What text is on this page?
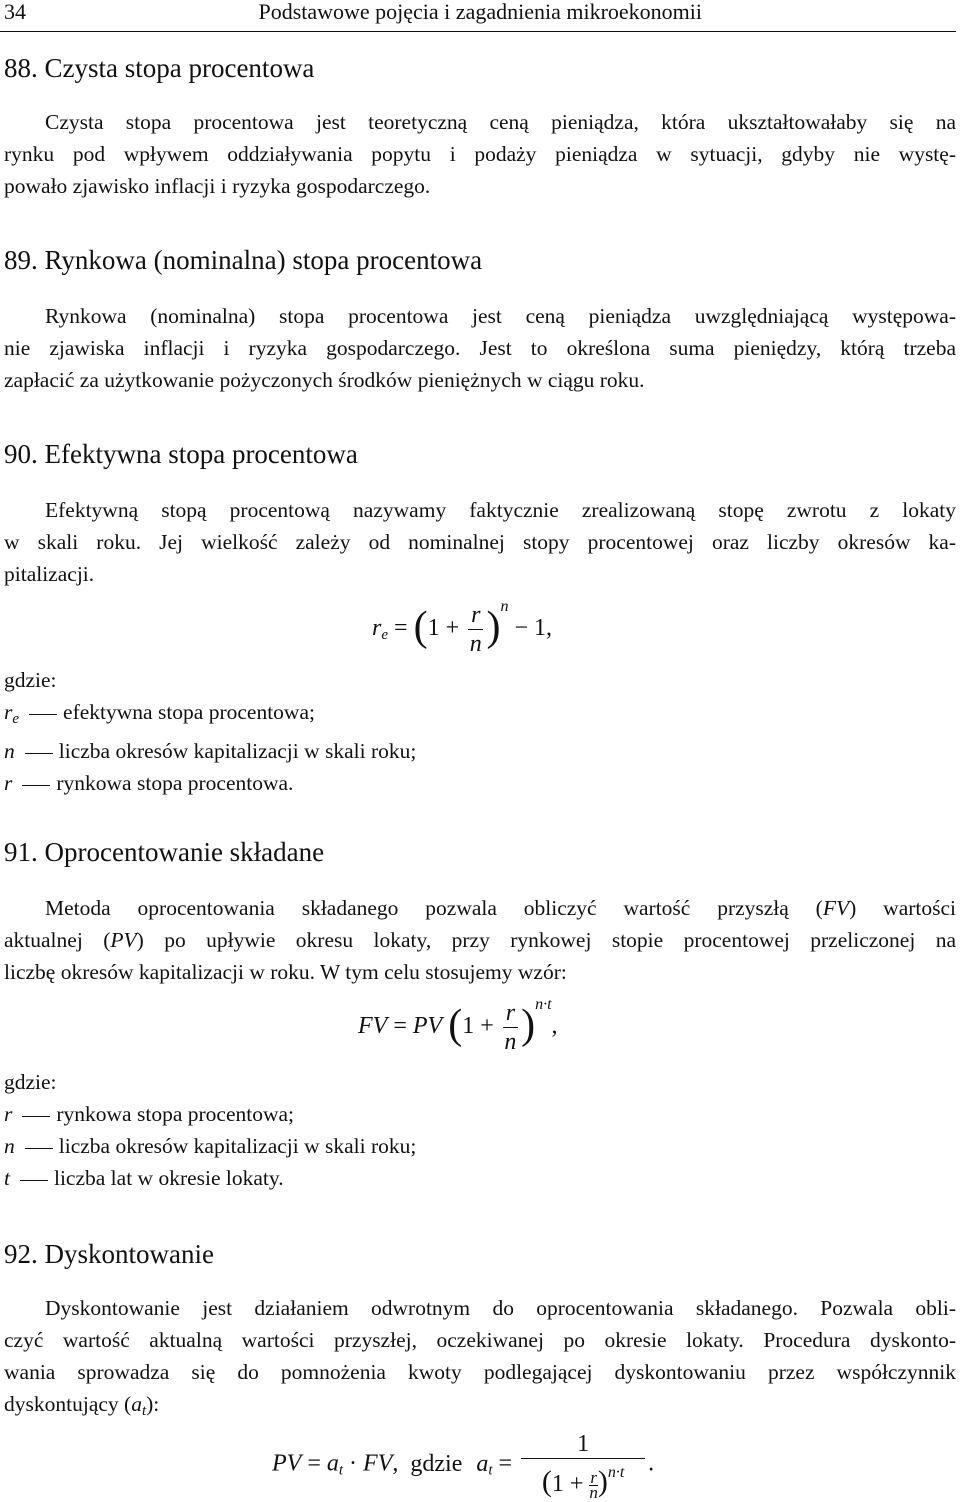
34	Podstawowe pojęcia i zagadnienia mikroekonomii
88. Czysta stopa procentowa
Czysta stopa procentowa jest teoretyczną ceną pieniądza, która ukształtowałaby się na
rynku pod wpływem oddziaływania popytu i podaży pieniądza w sytuacji, gdyby nie wystę-
powało zjawisko inflacji i ryzyka gospodarczego.
89. Rynkowa (nominalna) stopa procentowa
Rynkowa (nominalna) stopa procentowa jest ceną pieniądza uwzględniającą występowa-
nie zjawiska inflacji i ryzyka gospodarczego. Jest to określona suma pieniędzy, którą trzeba
zapłacić za użytkowanie pożyczonych środków pieniężnych w ciągu roku.
90. Efektywna stopa procentowa
Efektywną stopą procentową nazywamy faktycznie zrealizowaną stopę zwrotu z lokaty
w skali roku. Jej wielkość zależy od nominalnej stopy procentowej oraz liczby okresów ka-
pitalizacji.
$r_e = (1 + \frac{r}{n} )^n - 1$,
gdzie:
$r_e$ efektywna stopa procentowa;
n liczba okresów kapitalizacji w skali roku;
r rynkowa stopa procentowa.
91. Oprocentowanie składane
Metoda oprocentowania składanego pozwala obliczyć wartość przyszłą (FV) wartości
aktualnej (PV) po upływie okresu lokaty, przy rynkowej stopie procentowej przeliczonej na
liczbę okresów kapitalizacji w roku. W tym celu stosujemy wzór:
FV = PV $(1 + \frac{r}{n} )^{n\cdot t}$,
gdzie:
r rynkowa stopa procentowa;
n liczba okresów kapitalizacji w skali roku;
t liczba lat w okresie lokaty.
92. Dyskontowanie
Dyskontowanie jest działaniem odwrotnym do oprocentowania składanego. Pozwala obli-
czyć wartość aktualną wartości przyszłej, oczekiwanej po okresie lokaty. Procedura dyskonto-
wania sprowadza się do pomnożenia kwoty podlegającej dyskontowaniu przez współczynnik
dyskontujący $(a_t)$:
PV = $a_t$ · FV, gdzie $a_t = \frac{1}{(1 + \frac{r}{n} )^{n\cdot t}}$ .
